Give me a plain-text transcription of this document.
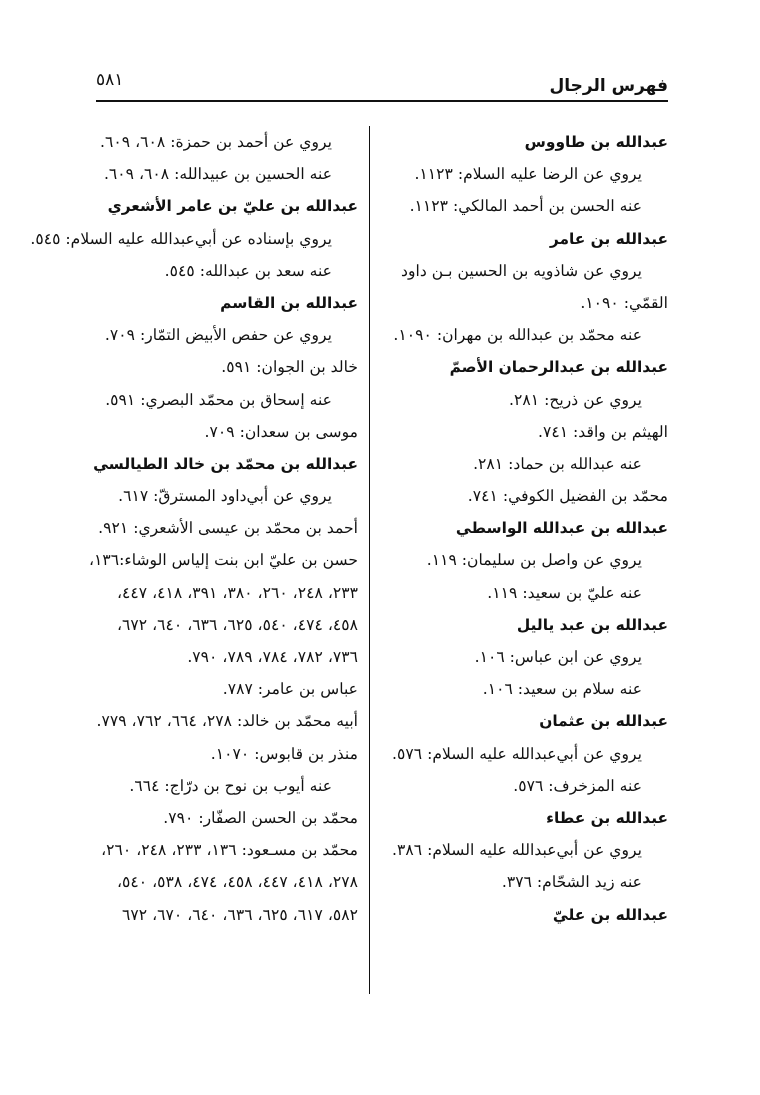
فهرس الرجال
٥٨١
عبدالله بن طاووس
يروي عن الرضا عليه السلام: ١١٢٣.
عنه الحسن بن أحمد المالكي: ١١٢٣.
عبدالله بن عامر
يروي عن شاذويه بن الحسين بـن داود
القمّي: ١٠٩٠.
عنه محمّد بن عبدالله بن مهران: ١٠٩٠.
عبدالله بن عبدالرحمان الأصمّ
يروي عن ذريح: ٢٨١.
الهيثم بن واقد: ٧٤١.
عنه عبدالله بن حماد: ٢٨١.
محمّد بن الفضيل الكوفي: ٧٤١.
عبدالله بن عبدالله الواسطي
يروي عن واصل بن سليمان: ١١٩.
عنه عليّ بن سعيد: ١١٩.
عبدالله بن عبد ياليل
يروي عن ابن عباس: ١٠٦.
عنه سلام بن سعيد: ١٠٦.
عبدالله بن عثمان
يروي عن أبي‌عبدالله عليه السلام: ٥٧٦.
عنه المزخرف: ٥٧٦.
عبدالله بن عطاء
يروي عن أبي‌عبدالله عليه السلام: ٣٨٦.
عنه زيد الشحّام: ٣٧٦.
عبدالله بن عليّ
يروي عن أحمد بن حمزة: ٦٠٨، ٦٠٩.
عنه الحسين بن عبيدالله: ٦٠٨، ٦٠٩.
عبدالله بن عليّ بن عامر الأشعري
يروي بإسناده عن أبي‌عبدالله عليه السلام: ٥٤٥.
عنه سعد بن عبدالله: ٥٤٥.
عبدالله بن القاسم
يروي عن حفص الأبيض التمّار: ٧٠٩.
خالد بن الجوان: ٥٩١.
عنه إسحاق بن محمّد البصري: ٥٩١.
موسى بن سعدان: ٧٠٩.
عبدالله بن محمّد بن خالد الطيالسي
يروي عن أبي‌داود المسترقّ: ٦١٧.
أحمد بن محمّد بن عيسى الأشعري: ٩٢١.
حسن بن عليّ ابن بنت إلياس الوشاء:١٣٦،
٢٣٣، ٢٤٨، ٢٦٠، ٣٨٠، ٣٩١، ٤١٨، ٤٤٧،
٤٥٨، ٤٧٤، ٥٤٠، ٦٢٥، ٦٣٦، ٦٤٠، ٦٧٢،
٧٣٦، ٧٨٢، ٧٨٤، ٧٨٩، ٧٩٠.
عباس بن عامر: ٧٨٧.
أبيه محمّد بن خالد: ٢٧٨، ٦٦٤، ٧٦٢، ٧٧٩.
منذر بن قابوس: ١٠٧٠.
عنه أيوب بن نوح بن درّاج: ٦٦٤.
محمّد بن الحسن الصفّار: ٧٩٠.
محمّد بن مسـعود: ١٣٦، ٢٣٣، ٢٤٨، ٢٦٠،
٢٧٨، ٤١٨، ٤٤٧، ٤٥٨، ٤٧٤، ٥٣٨، ٥٤٠،
٥٨٢، ٦١٧، ٦٢٥، ٦٣٦، ٦٤٠، ٦٧٠، ٦٧٢
